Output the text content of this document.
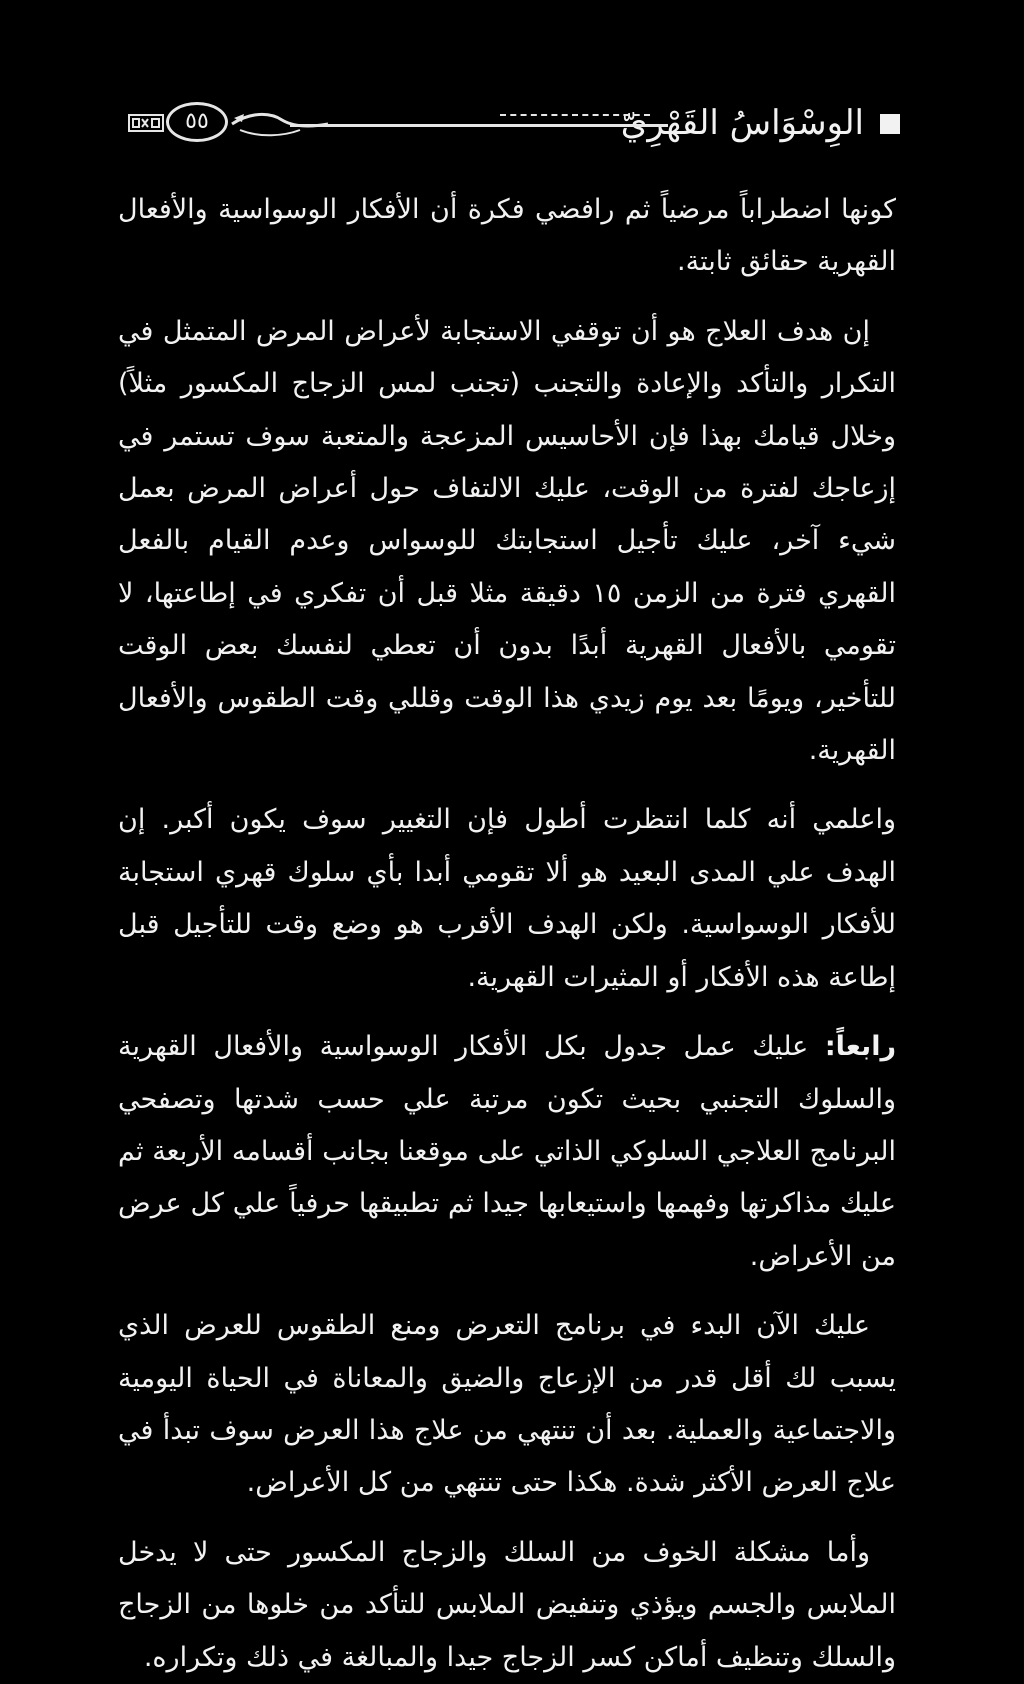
الوِسْوَاسُ القَهْرِيّ
٥٥

كونها اضطراباً مرضياً ثم رافضي فكرة أن الأفكار الوسواسية والأفعال القهرية حقائق ثابتة.

إن هدف العلاج هو أن توقفي الاستجابة لأعراض المرض المتمثل في التكرار والتأكد والإعادة والتجنب (تجنب لمس الزجاج المكسور مثلاً) وخلال قيامك بهذا فإن الأحاسيس المزعجة والمتعبة سوف تستمر في إزعاجك لفترة من الوقت، عليك الالتفاف حول أعراض المرض بعمل شيء آخر، عليك تأجيل استجابتك للوسواس وعدم القيام بالفعل القهري فترة من الزمن ١٥ دقيقة مثلا قبل أن تفكري في إطاعتها، لا تقومي بالأفعال القهرية أبدًا بدون أن تعطي لنفسك بعض الوقت للتأخير، ويومًا بعد يوم زيدي هذا الوقت وقللي وقت الطقوس والأفعال القهرية.

واعلمي أنه كلما انتظرت أطول فإن التغيير سوف يكون أكبر. إن الهدف علي المدى البعيد هو ألا تقومي أبدا بأي سلوك قهري استجابة للأفكار الوسواسية. ولكن الهدف الأقرب هو وضع وقت للتأجيل قبل إطاعة هذه الأفكار أو المثيرات القهرية.

رابعاً: عليك عمل جدول بكل الأفكار الوسواسية والأفعال القهرية والسلوك التجنبي بحيث تكون مرتبة علي حسب شدتها وتصفحي البرنامج العلاجي السلوكي الذاتي على موقعنا بجانب أقسامه الأربعة ثم عليك مذاكرتها وفهمها واستيعابها جيدا ثم تطبيقها حرفياً علي كل عرض من الأعراض.

عليك الآن البدء في برنامج التعرض ومنع الطقوس للعرض الذي يسبب لك أقل قدر من الإزعاج والضيق والمعاناة في الحياة اليومية والاجتماعية والعملية. بعد أن تنتهي من علاج هذا العرض سوف تبدأ في علاج العرض الأكثر شدة. هكذا حتى تنتهي من كل الأعراض.

وأما مشكلة الخوف من السلك والزجاج المكسور حتى لا يدخل الملابس والجسم ويؤذي وتنفيض الملابس للتأكد من خلوها من الزجاج والسلك وتنظيف أماكن كسر الزجاج جيدا والمبالغة في ذلك وتكراره.
